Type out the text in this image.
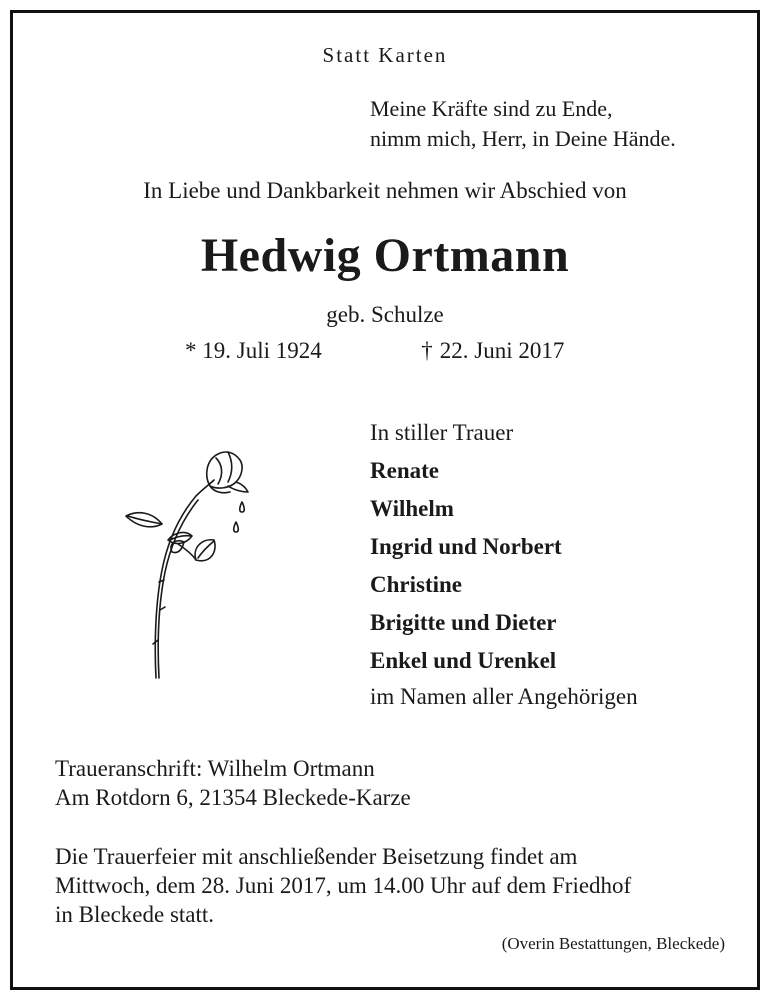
Statt Karten
Meine Kräfte sind zu Ende,
nimm mich, Herr, in Deine Hände.
In Liebe und Dankbarkeit nehmen wir Abschied von
Hedwig Ortmann
geb. Schulze
* 19. Juli 1924	† 22. Juni 2017
In stiller Trauer
Renate
Wilhelm
Ingrid und Norbert
Christine
Brigitte und Dieter
Enkel und Urenkel
im Namen aller Angehörigen
Traueranschrift: Wilhelm Ortmann
Am Rotdorn 6, 21354 Bleckede-Karze
Die Trauerfeier mit anschließender Beisetzung findet am
Mittwoch, dem 28. Juni 2017, um 14.00 Uhr auf dem Friedhof
in Bleckede statt.
(Overin Bestattungen, Bleckede)
